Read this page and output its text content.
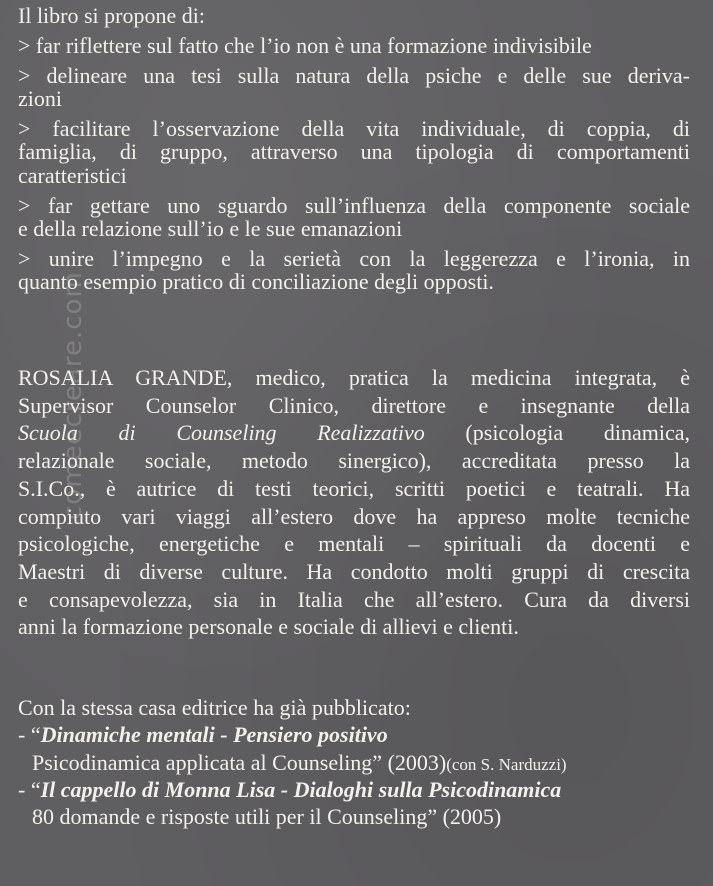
comeecreare.com
Il libro si propone di:
> far riflettere sul fatto che l’io non è una formazione indivisibile
> delineare una tesi sulla natura della psiche e delle sue deriva-
zioni
> facilitare l’osservazione della vita individuale, di coppia, di
famiglia, di gruppo, attraverso una tipologia di comportamenti
caratteristici
> far gettare uno sguardo sull’influenza della componente sociale
e della relazione sull’io e le sue emanazioni
> unire l’impegno e la serietà con la leggerezza e l’ironia, in
quanto esempio pratico di conciliazione degli opposti.
ROSALIA GRANDE, medico, pratica la medicina integrata, è
Supervisor Counselor Clinico, direttore e insegnante della
Scuola di Counseling Realizzativo (psicologia dinamica,
relazionale sociale, metodo sinergico), accreditata presso la
S.I.Co., è autrice di testi teorici, scritti poetici e teatrali. Ha
compiuto vari viaggi all’estero dove ha appreso molte tecniche
psicologiche, energetiche e mentali – spirituali da docenti e
Maestri di diverse culture. Ha condotto molti gruppi di crescita
e consapevolezza, sia in Italia che all’estero. Cura da diversi
anni la formazione personale e sociale di allievi e clienti.
Con la stessa casa editrice ha già pubblicato:
- “Dinamiche mentali - Pensiero positivo
Psicodinamica applicata al Counseling” (2003)(con S. Narduzzi)
- “Il cappello di Monna Lisa - Dialoghi sulla Psicodinamica
80 domande e risposte utili per il Counseling” (2005)
